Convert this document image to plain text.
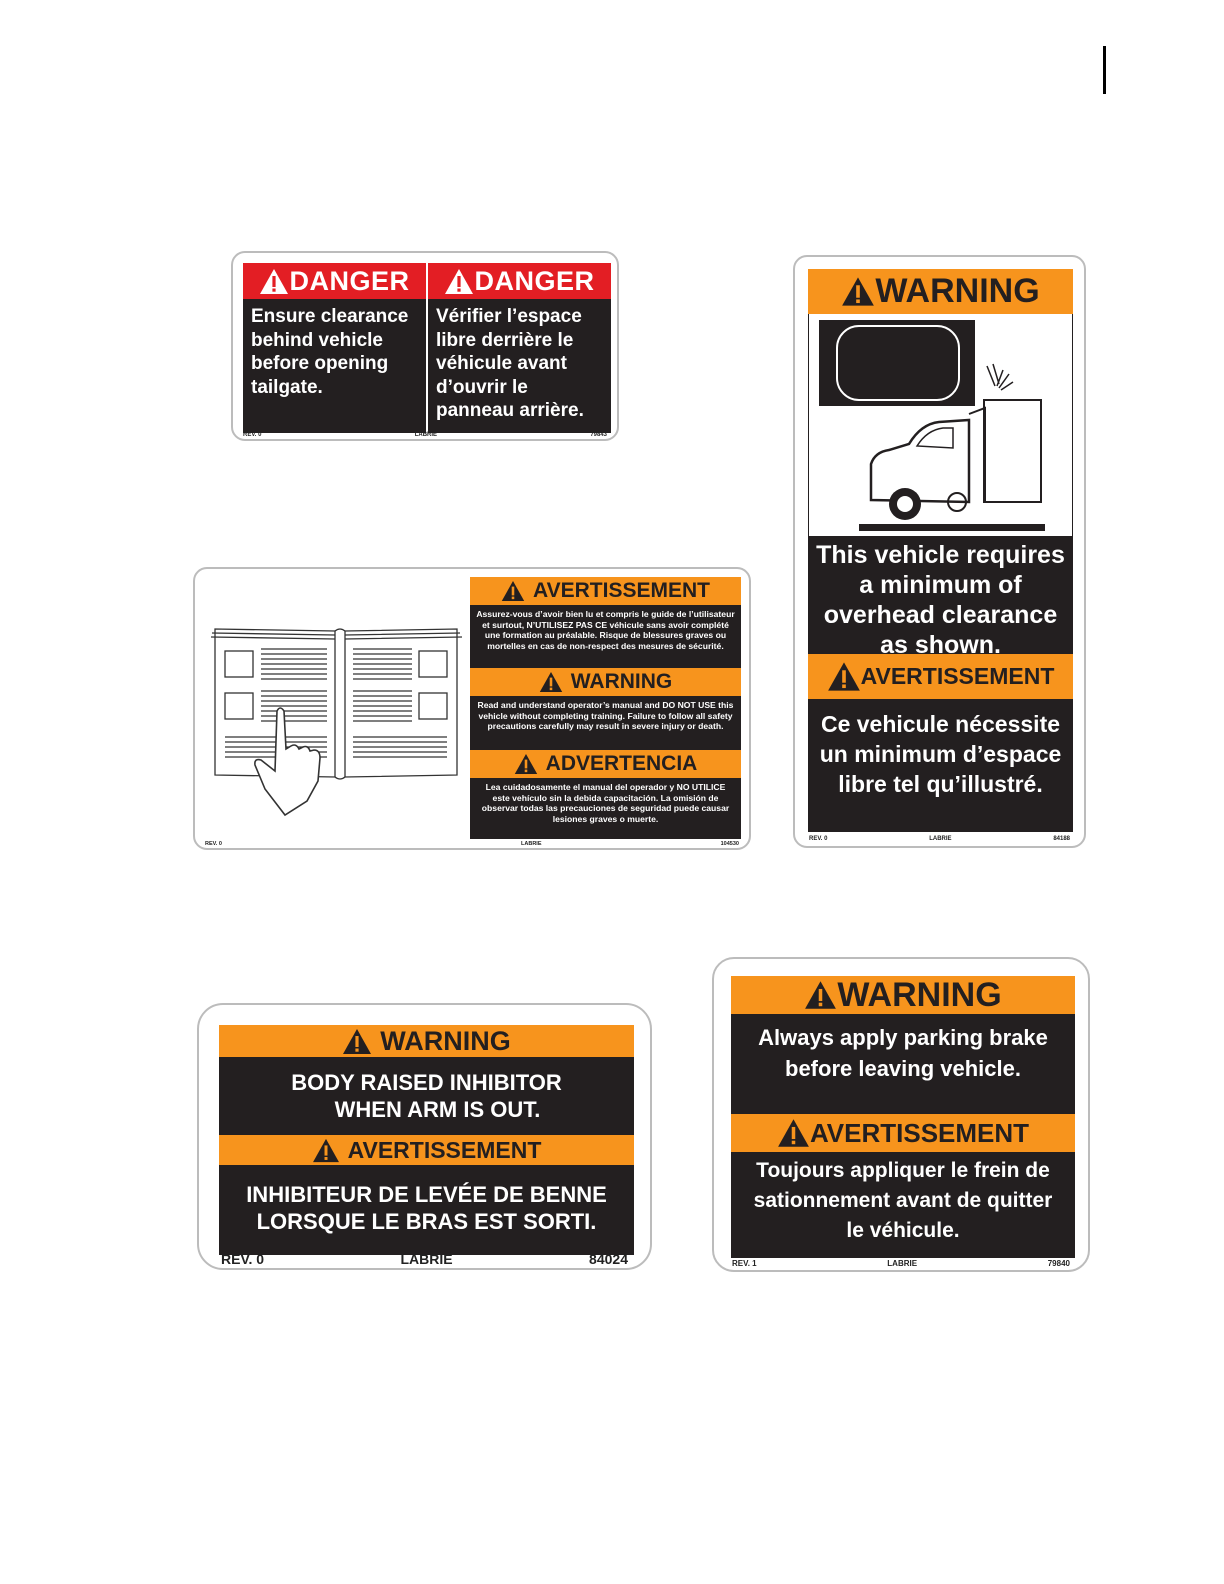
DANGER
Ensure clearance behind vehicle before opening tailgate.
DANGER
Vérifier l’espace libre derrière le véhicule avant d’ouvrir le panneau arrière.
REV. 0	LABRIE	79843
AVERTISSEMENT
Assurez-vous d’avoir bien lu et compris le guide de l’utilisateur et surtout, N’UTILISEZ PAS CE véhicule sans avoir complété une formation au préalable. Risque de blessures graves ou mortelles en cas de non-respect des mesures de sécurité.
WARNING
Read and understand operator’s manual and DO NOT USE this vehicle without completing training. Failure to follow all safety precautions carefully may result in severe injury or death.
ADVERTENCIA
Lea cuidadosamente el manual del operador y NO UTILICE este vehículo sin la debida capacitación. La omisión de observar todas las precauciones de seguridad puede causar lesiones graves o muerte.
REV. 0	LABRIE	104530
WARNING
This vehicle requires a minimum of overhead clearance as shown.
AVERTISSEMENT
Ce vehicule nécessite un minimum d’espace libre tel qu’illustré.
REV. 0	LABRIE	84188
WARNING
BODY RAISED INHIBITOR
WHEN ARM IS OUT.
AVERTISSEMENT
INHIBITEUR DE LEVÉE DE BENNE
LORSQUE LE BRAS EST SORTI.
REV. 0	LABRIE	84024
WARNING
Always apply parking brake before leaving vehicle.
AVERTISSEMENT
Toujours appliquer le frein de sationnement avant de quitter le véhicule.
REV. 1	LABRIE	79840
